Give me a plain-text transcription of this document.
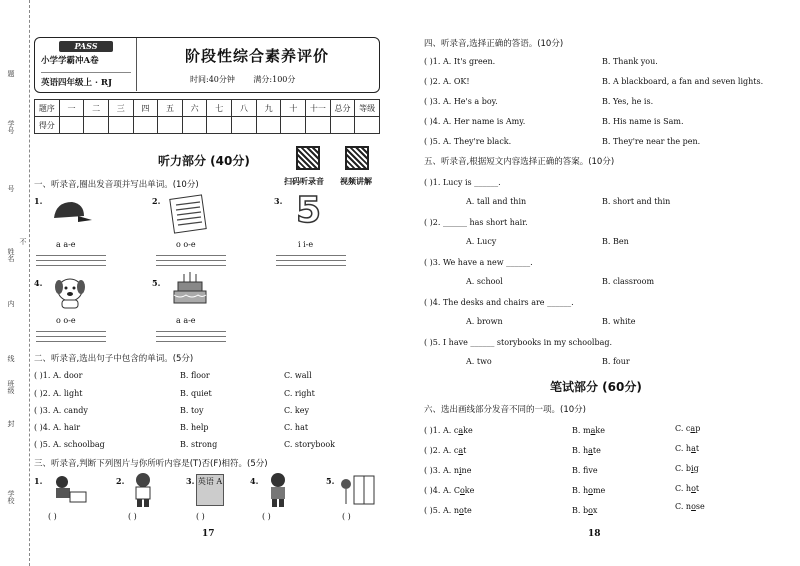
题
学号
号
姓名
不
内
线
班级
封
学校
PASS
小学学霸冲A卷
英语四年级上 · RJ
阶段性综合素养评价
时间:40分钟 满分:100分
题序	一	二	三	四	五	六	七	八	九	十	十一	总分	等级
得分													
听力部分 (40分)
扫码听录音 视频讲解
一、听录音,圈出发音项并写出单词。(10分)
1.
a a-e
2.
o o-e
3. 5
i i-e
4.
o o-e
5.
a a-e
二、听录音,选出句子中包含的单词。(5分)
( )1. A. door	B. floor	C. wall
( )2. A. light	B. quiet	C. right
( )3. A. candy	B. toy	C. key
( )4. A. hair	B. help	C. hat
( )5. A. schoolbag	B. strong	C. storybook
三、听录音,判断下列图片与你所听内容是(T)否(F)相符。(5分)
1.
( )
2.
( )
3. 英语 A
( )
4.
( )
5.
( )
17
四、听录音,选择正确的答语。(10分)
( )1. A. It's green.	B. Thank you.
( )2. A. OK!	B. A blackboard, a fan and seven lights.
( )3. A. He's a boy.	B. Yes, he is.
( )4. A. Her name is Amy.	B. His name is Sam.
( )5. A. They're black.	B. They're near the pen.
五、听录音,根据短文内容选择正确的答案。(10分)
( )1. Lucy is ______.
A. tall and thin	B. short and thin
( )2. ______ has short hair.
A. Lucy	B. Ben
( )3. We have a new ______.
A. school	B. classroom
( )4. The desks and chairs are ______.
A. brown	B. white
( )5. I have ______ storybooks in my schoolbag.
A. two	B. four
笔试部分 (60分)
六、选出画线部分发音不同的一项。(10分)
( )1. A. cake	B. make	C. cap
( )2. A. cat	B. hate	C. hat
( )3. A. nine	B. fve	C. big
( )4. A. Coke	B. home	C. hot
( )5. A. note	B. box	C. nose
18
